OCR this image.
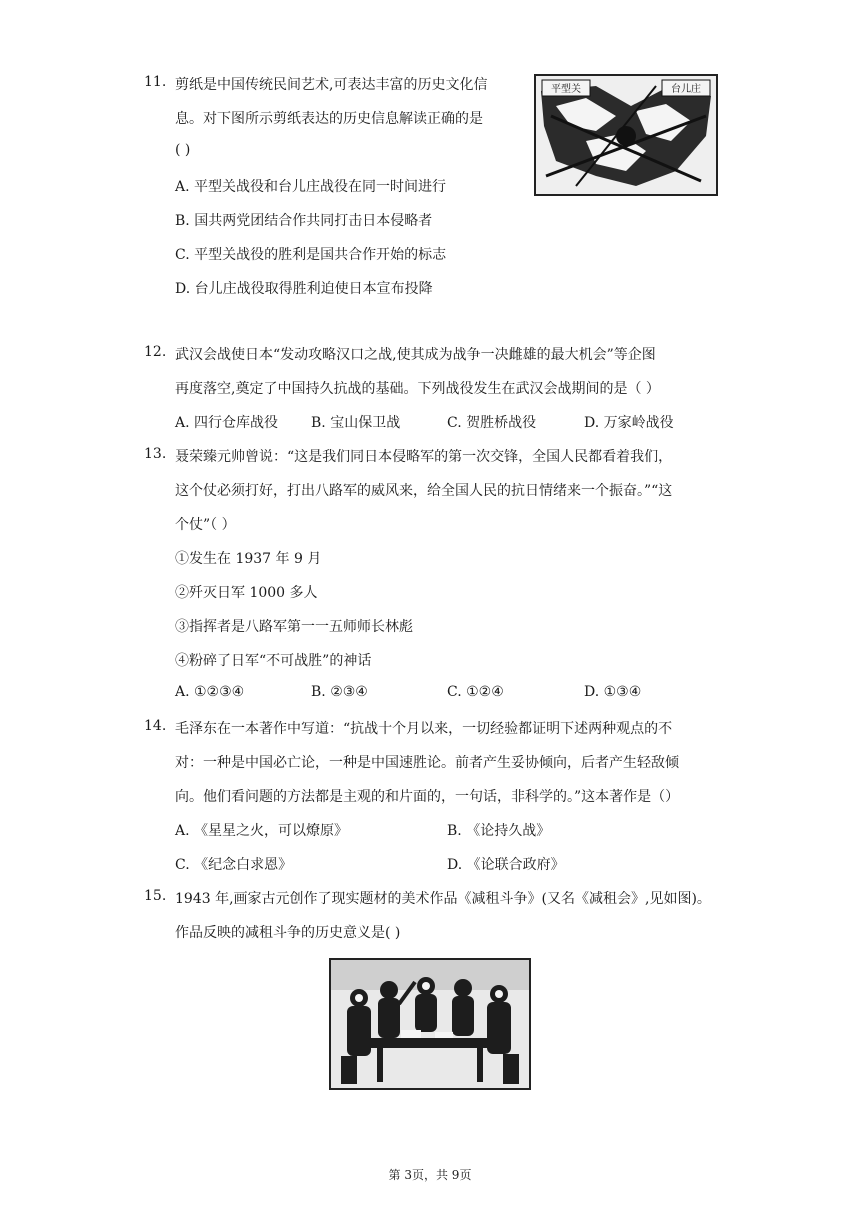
11. 剪纸是中国传统民间艺术,可表达丰富的历史文化信
息。对下图所示剪纸表达的历史信息解读正确的是
( )
A. 平型关战役和台儿庄战役在同一时间进行
B. 国共两党团结合作共同打击日本侵略者
C. 平型关战役的胜利是国共合作开始的标志
D. 台儿庄战役取得胜利迫使日本宣布投降
平型关	台儿庄
12. 武汉会战使日本“发动攻略汉口之战,使其成为战争一决雌雄的最大机会”等企图
再度落空,奠定了中国持久抗战的基础。下列战役发生在武汉会战期间的是（ ）
A. 四行仓库战役 B. 宝山保卫战	C. 贺胜桥战役	D. 万家岭战役
13. 聂荣臻元帅曾说：“这是我们同日本侵略军的第一次交锋，全国人民都看着我们，
这个仗必须打好，打出八路军的威风来，给全国人民的抗日情绪来一个振奋。”“这
个仗”（ ）
①发生在 1937 年 9 月
②歼灭日军 1000 多人
③指挥者是八路军第一一五师师长林彪
④粉碎了日军“不可战胜”的神话
A. ①②③④	B. ②③④	C. ①②④	D. ①③④
14. 毛泽东在一本著作中写道：“抗战十个月以来，一切经验都证明下述两种观点的不
对：一种是中国必亡论，一种是中国速胜论。前者产生妥协倾向，后者产生轻敌倾
向。他们看问题的方法都是主观的和片面的，一句话，非科学的。”这本著作是（）
A. 《星星之火，可以燎原》	B. 《论持久战》
C. 《纪念白求恩》	D. 《论联合政府》
15. 1943 年,画家古元创作了现实题材的美术作品《减租斗争》(又名《减租会》,见如图)。
作品反映的减租斗争的历史意义是( )
第 3页，共 9页
